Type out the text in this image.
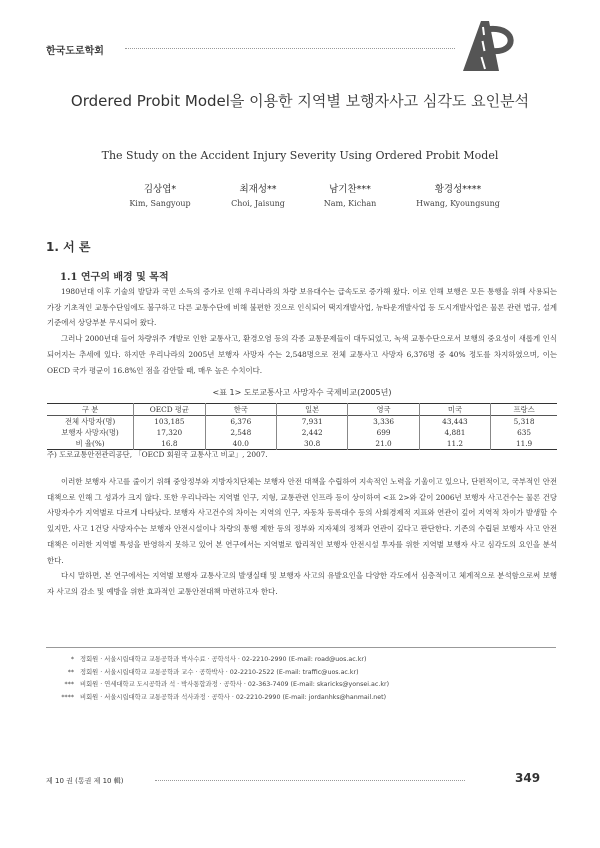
한국도로학회
Ordered Probit Model을 이용한 지역별 보행자사고 심각도 요인분석
The Study on the Accident Injury Severity Using Ordered Probit Model
김상엽*
Kim, Sangyoup
최재성**
Choi, Jaisung
남기찬***
Nam, Kichan
황경성****
Hwang, Kyoungsung
1. 서 론
1.1 연구의 배경 및 목적

1980년대 이후 기술의 발달과 국민 소득의 증가로 인해 우리나라의 차량 보유대수는 급속도로 증가해 왔다. 이로 인해 보행은 모든 통행을 위해 사용되는 가장 기초적인 교통수단임에도 불구하고 다른 교통수단에 비해 불편한 것으로 인식되어 택지개발사업, 뉴타운개발사업 등 도시개발사업은 물론 관련 법규, 설계기준에서 상당부분 무시되어 왔다.

그러나 2000년대 들어 차량위주 개발로 인한 교통사고, 환경오염 등의 각종 교통문제들이 대두되었고, 녹색 교통수단으로서 보행의 중요성이 새롭게 인식되어지는 추세에 있다. 하지만 우리나라의 2005년 보행자 사망자 수는 2,548명으로 전체 교통사고 사망자 6,376명 중 40% 정도를 차지하였으며, 이는 OECD 국가 평균이 16.8%인 점을 감안할 때, 매우 높은 수치이다.

<표 1> 도로교통사고 사망자수 국제비교(2005년)
구 분	OECD 평균	한국	일본	영국	미국	프랑스
전체 사망자(명)	103,185	6,376	7,931	3,336	43,443	5,318
보행자 사망자(명)	17,320	2,548	2,442	699	4,881	635
비 율(%)	16.8	40.0	30.8	21.0	11.2	11.9
주) 도로교통안전관리공단, 「OECD 회원국 교통사고 비교」, 2007.

이러한 보행자 사고를 줄이기 위해 중앙정부와 지방자치단체는 보행자 안전 대책을 수립하여 지속적인 노력을 기울이고 있으나, 단편적이고, 국부적인 안전대책으로 인해 그 성과가 크지 않다. 또한 우리나라는 지역별 인구, 지형, 교통관련 인프라 등이 상이하여 <표 2>와 같이 2006년 보행자 사고건수는 물론 건당 사망자수가 지역별로 다르게 나타났다. 보행자 사고건수의 차이는 지역의 인구, 자동차 등록대수 등의 사회경제적 지표와 연관이 깊어 지역적 차이가 발생할 수 있지만, 사고 1건당 사망자수는 보행자 안전시설이나 차량의 통행 제한 등의 정부와 지자체의 정책과 연관이 깊다고 판단한다. 기존의 수립된 보행자 사고 안전대책은 이러한 지역별 특성을 반영하지 못하고 있어 본 연구에서는 지역별로 합리적인 보행자 안전시설 투자를 위한 지역별 보행자 사고 심각도의 요인을 분석한다.

다시 말하면, 본 연구에서는 지역별 보행자 교통사고의 발생실태 및 보행자 사고의 유발요인을 다양한 각도에서 심층적이고 체계적으로 분석함으로써 보행자 사고의 감소 및 예방을 위한 효과적인 교통안전대책 마련하고자 한다.

* 정회원 · 서울시립대학교 교통공학과 박사수료 · 공학석사 · 02-2210-2990 (E-mail: road@uos.ac.kr)
** 정회원 · 서울시립대학교 교통공학과 교수 · 공학박사 · 02-2210-2522 (E-mail: traffic@uos.ac.kr)
*** 비회원 · 연세대학교 도시공학과 석 · 박사통합과정 · 공학사 · 02-363-7409 (E-mail: skaricks@yonsei.ac.kr)
**** 비회원 · 서울시립대학교 교통공학과 석사과정 · 공학사 · 02-2210-2990 (E-mail: jordanhks@hanmail.net)
제 10 권 (통권 제 10 輯)	349
